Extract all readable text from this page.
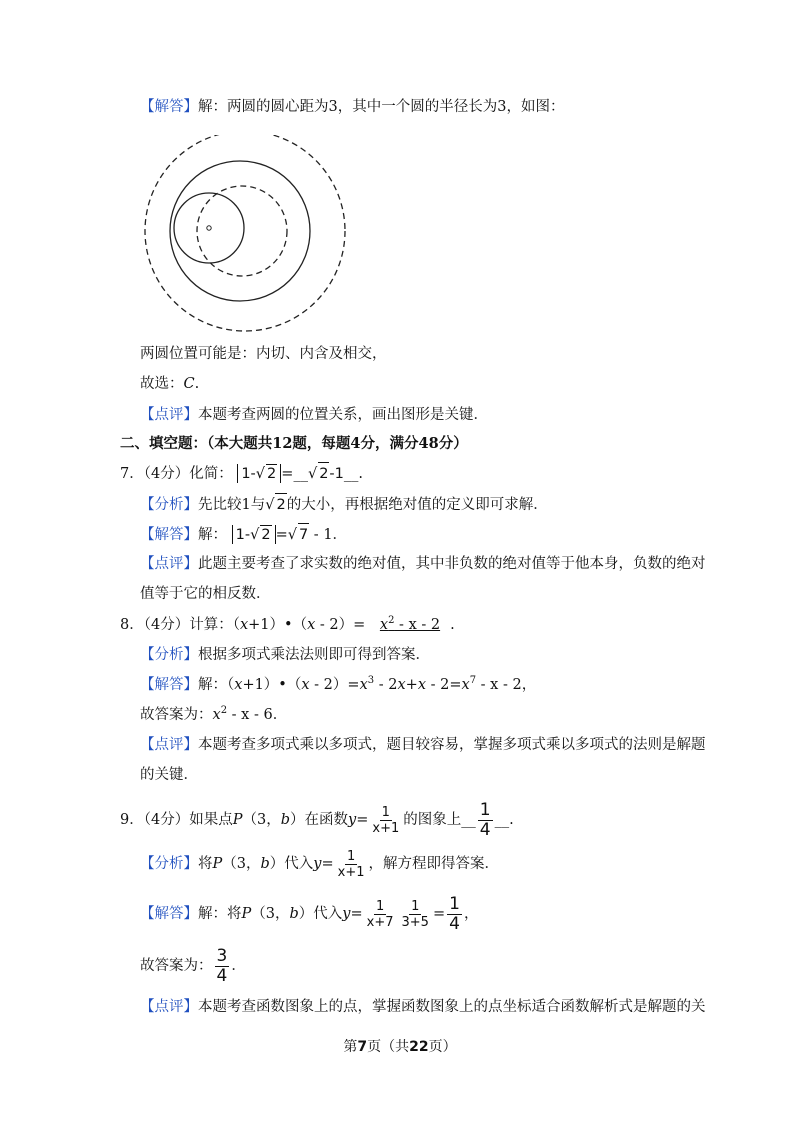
【解答】解：两圆的圆心距为3，其中一个圆的半径长为3，如图：
两圆位置可能是：内切、内含及相交，
故选：C.
【点评】本题考查两圆的位置关系，画出图形是关键．
二、填空题：（本大题共12题，每题4分，满分48分）
7．（4分）化简： 1-√ 2 =__√ 2-1__.
【分析】先比较1与√ 2的大小，再根据绝对值的定义即可求解．
【解答】解： 1-√ 2 =√ 7 - 1．
【点评】此题主要考查了求实数的绝对值，其中非负数的绝对值等于他本身，负数的绝对
值等于它的相反数．
8．（4分）计算：（x+1）•（x - $2)= x^2 - x - 2$ .
【分析】根据多项式乘法法则即可得到答案．
【解答】解：（x+1）•（x - $2)=x^3 - 2x+x - 2=x^7 - x - 2$，
故答案为：$x^2$ - x - 6．
【点评】本题考查多项式乘以多项式，题目较容易，掌握多项式乘以多项式的法则是解题
的关键．
9．（4分）如果点P（3，b）在函数$y= \frac{1}{x+1}$ 的图象上__ $\frac{1}{4}$ __.
【分析】将P（3，b）代入$y= \frac{1}{x+1}$ ，解方程即得答案．
【解答】解：将P（3，b）代入$y= \frac{1}{x+7} \frac{1}{3+5} = \frac{1}{4}$ ，
故答案为： $\frac{3}{4}$ ．
【点评】本题考查函数图象上的点，掌握函数图象上的点坐标适合函数解析式是解题的关
第7页（共22页）
